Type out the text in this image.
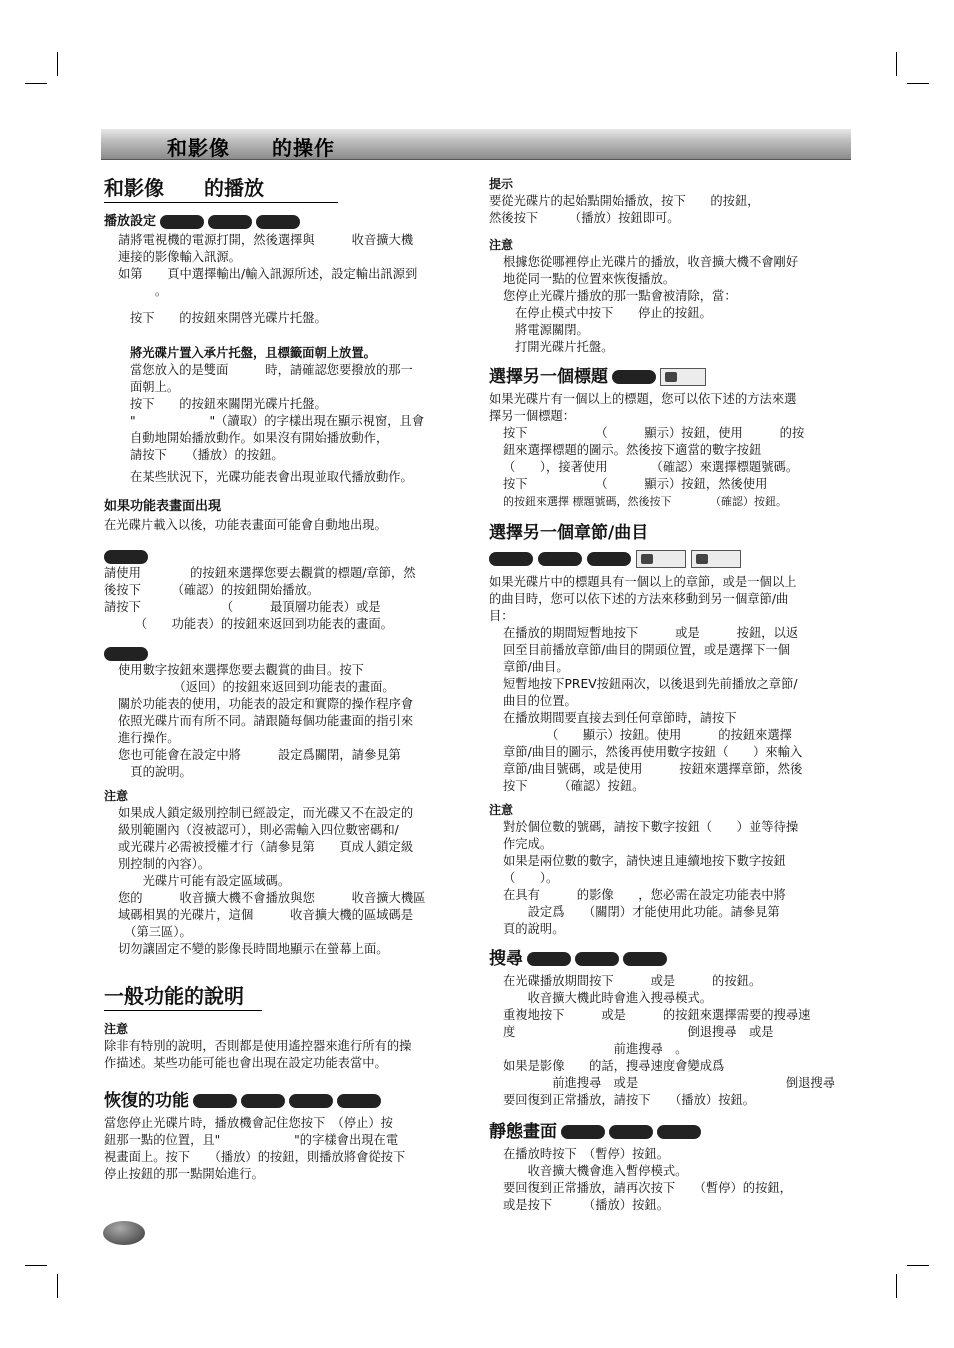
和影像　　的操作
和影像　　的播放
播放設定

請將電視機的電源打開，然後選擇與　　　收音擴大機

連接的影像輸入訊源。

如第　　頁中選擇輸出/輸入訊源所述，設定輸出訊源到

　　　。

按下　　的按鈕來開啓光碟片托盤。

將光碟片置入承片托盤，且標籤面朝上放置。

當您放入的是雙面　　　時，請確認您要撥放的那一

面朝上。

按下　　的按鈕來關閉光碟片托盤。

"　　　　　　"（讀取）的字樣出現在顯示視窗，且會

自動地開始播放動作。如果沒有開始播放動作，

請按下　　（播放）的按鈕。

在某些狀況下，光碟功能表會出現並取代播放動作。

如果功能表畫面出現

在光碟片載入以後，功能表畫面可能會自動地出現。

請使用　　　　的按鈕來選擇您要去觀賞的標題/章節，然

後按下　　　（確認）的按鈕開始播放。

請按下　　　　　　　（　　　最頂層功能表）或是

　　　（　　功能表）的按鈕來返回到功能表的畫面。

使用數字按鈕來選擇您要去觀賞的曲目。按下

　　　　　（返回）的按鈕來返回到功能表的畫面。

關於功能表的使用，功能表的設定和實際的操作程序會

依照光碟片而有所不同。請跟隨每個功能畫面的指引來

進行操作。

您也可能會在設定中將　　　設定爲關閉，請參見第

　頁的說明。

注意

如果成人鎖定級別控制已經設定，而光碟又不在設定的

級別範圍內（沒被認可），則必需輸入四位數密碼和/

或光碟片必需被授權才行（請參見第　　頁成人鎖定級

別控制的內容）。

　　光碟片可能有設定區域碼。

您的　　　收音擴大機不會播放與您　　　收音擴大機區

域碼相異的光碟片，這個　　　收音擴大機的區域碼是

　（第三區）。

切勿讓固定不變的影像長時間地顯示在螢幕上面。

一般功能的說明
注意

除非有特別的說明，否則都是使用遙控器來進行所有的操

作描述。某些功能可能也會出現在設定功能表當中。

恢復的功能

當您停止光碟片時，播放機會記住您按下　（停止）按

鈕那一點的位置，且"　　　　　　"的字樣會出現在電

視畫面上。按下　　（播放）的按鈕，則播放將會從按下

停止按鈕的那一點開始進行。

提示

要從光碟片的起始點開始播放，按下　　的按鈕，

然後按下　　　（播放）按鈕即可。

注意

根據您從哪裡停止光碟片的播放，收音擴大機不會剛好

地從同一點的位置來恢復播放。

您停止光碟片播放的那一點會被清除，當：

在停止模式中按下　　停止的按鈕。

將電源關閉。

打開光碟片托盤。

選擇另一個標題

如果光碟片有一個以上的標題，您可以依下述的方法來選

擇另一個標題：

按下　　　　　　（　　　顯示）按鈕，使用　　　的按

鈕來選擇標題的圖示。然後按下適當的數字按鈕

（　　），接著使用　　　　（確認）來選擇標題號碼。

按下　　　　　　（　　　顯示）按鈕，然後使用

的按鈕來選擇 標題號碼，然後按下　　　　（確認）按鈕。

選擇另一個章節/曲目

如果光碟片中的標題具有一個以上的章節，或是一個以上

的曲目時，您可以依下述的方法來移動到另一個章節/曲

目：

在播放的期間短暫地按下　　　或是　　　按鈕，以返

回至目前播放章節/曲目的開頭位置，或是選擇下一個

章節/曲目。

短暫地按下PREV按鈕兩次，以後退到先前播放之章節/

曲目的位置。

在播放期間要直接去到任何章節時，請按下

　　　　（　　顯示）按鈕。使用　　　的按鈕來選擇

章節/曲目的圖示，然後再使用數字按鈕（　　）來輸入

章節/曲目號碼，或是使用　　　按鈕來選擇章節，然後

按下　　　（確認）按鈕。

注意

對於個位數的號碼，請按下數字按鈕（　　）並等待操

作完成。

如果是兩位數的數字，請快速且連續地按下數字按鈕

（　　）。

在具有　　　的影像　　，您必需在設定功能表中將

　　設定爲　　（關閉）才能使用此功能。請參見第

頁的說明。

搜尋

在光碟播放期間按下　　　或是　　　的按鈕。

　　收音擴大機此時會進入搜尋模式。

重複地按下　　　或是　　　的按鈕來選擇需要的搜尋速

度　　　　　　　　　　　　　　倒退搜尋　或是

　　　　　　　　　前進搜尋　。

如果是影像　　的話，搜尋速度會變成爲

　　　　前進搜尋　或是　　　　　　　　　　　　倒退搜尋

要回復到正常播放，請按下　　（播放）按鈕。

靜態畫面

在播放時按下　（暫停）按鈕。

　　收音擴大機會進入暫停模式。

要回復到正常播放，請再次按下　　（暫停）的按鈕，

或是按下　　　（播放）按鈕。
